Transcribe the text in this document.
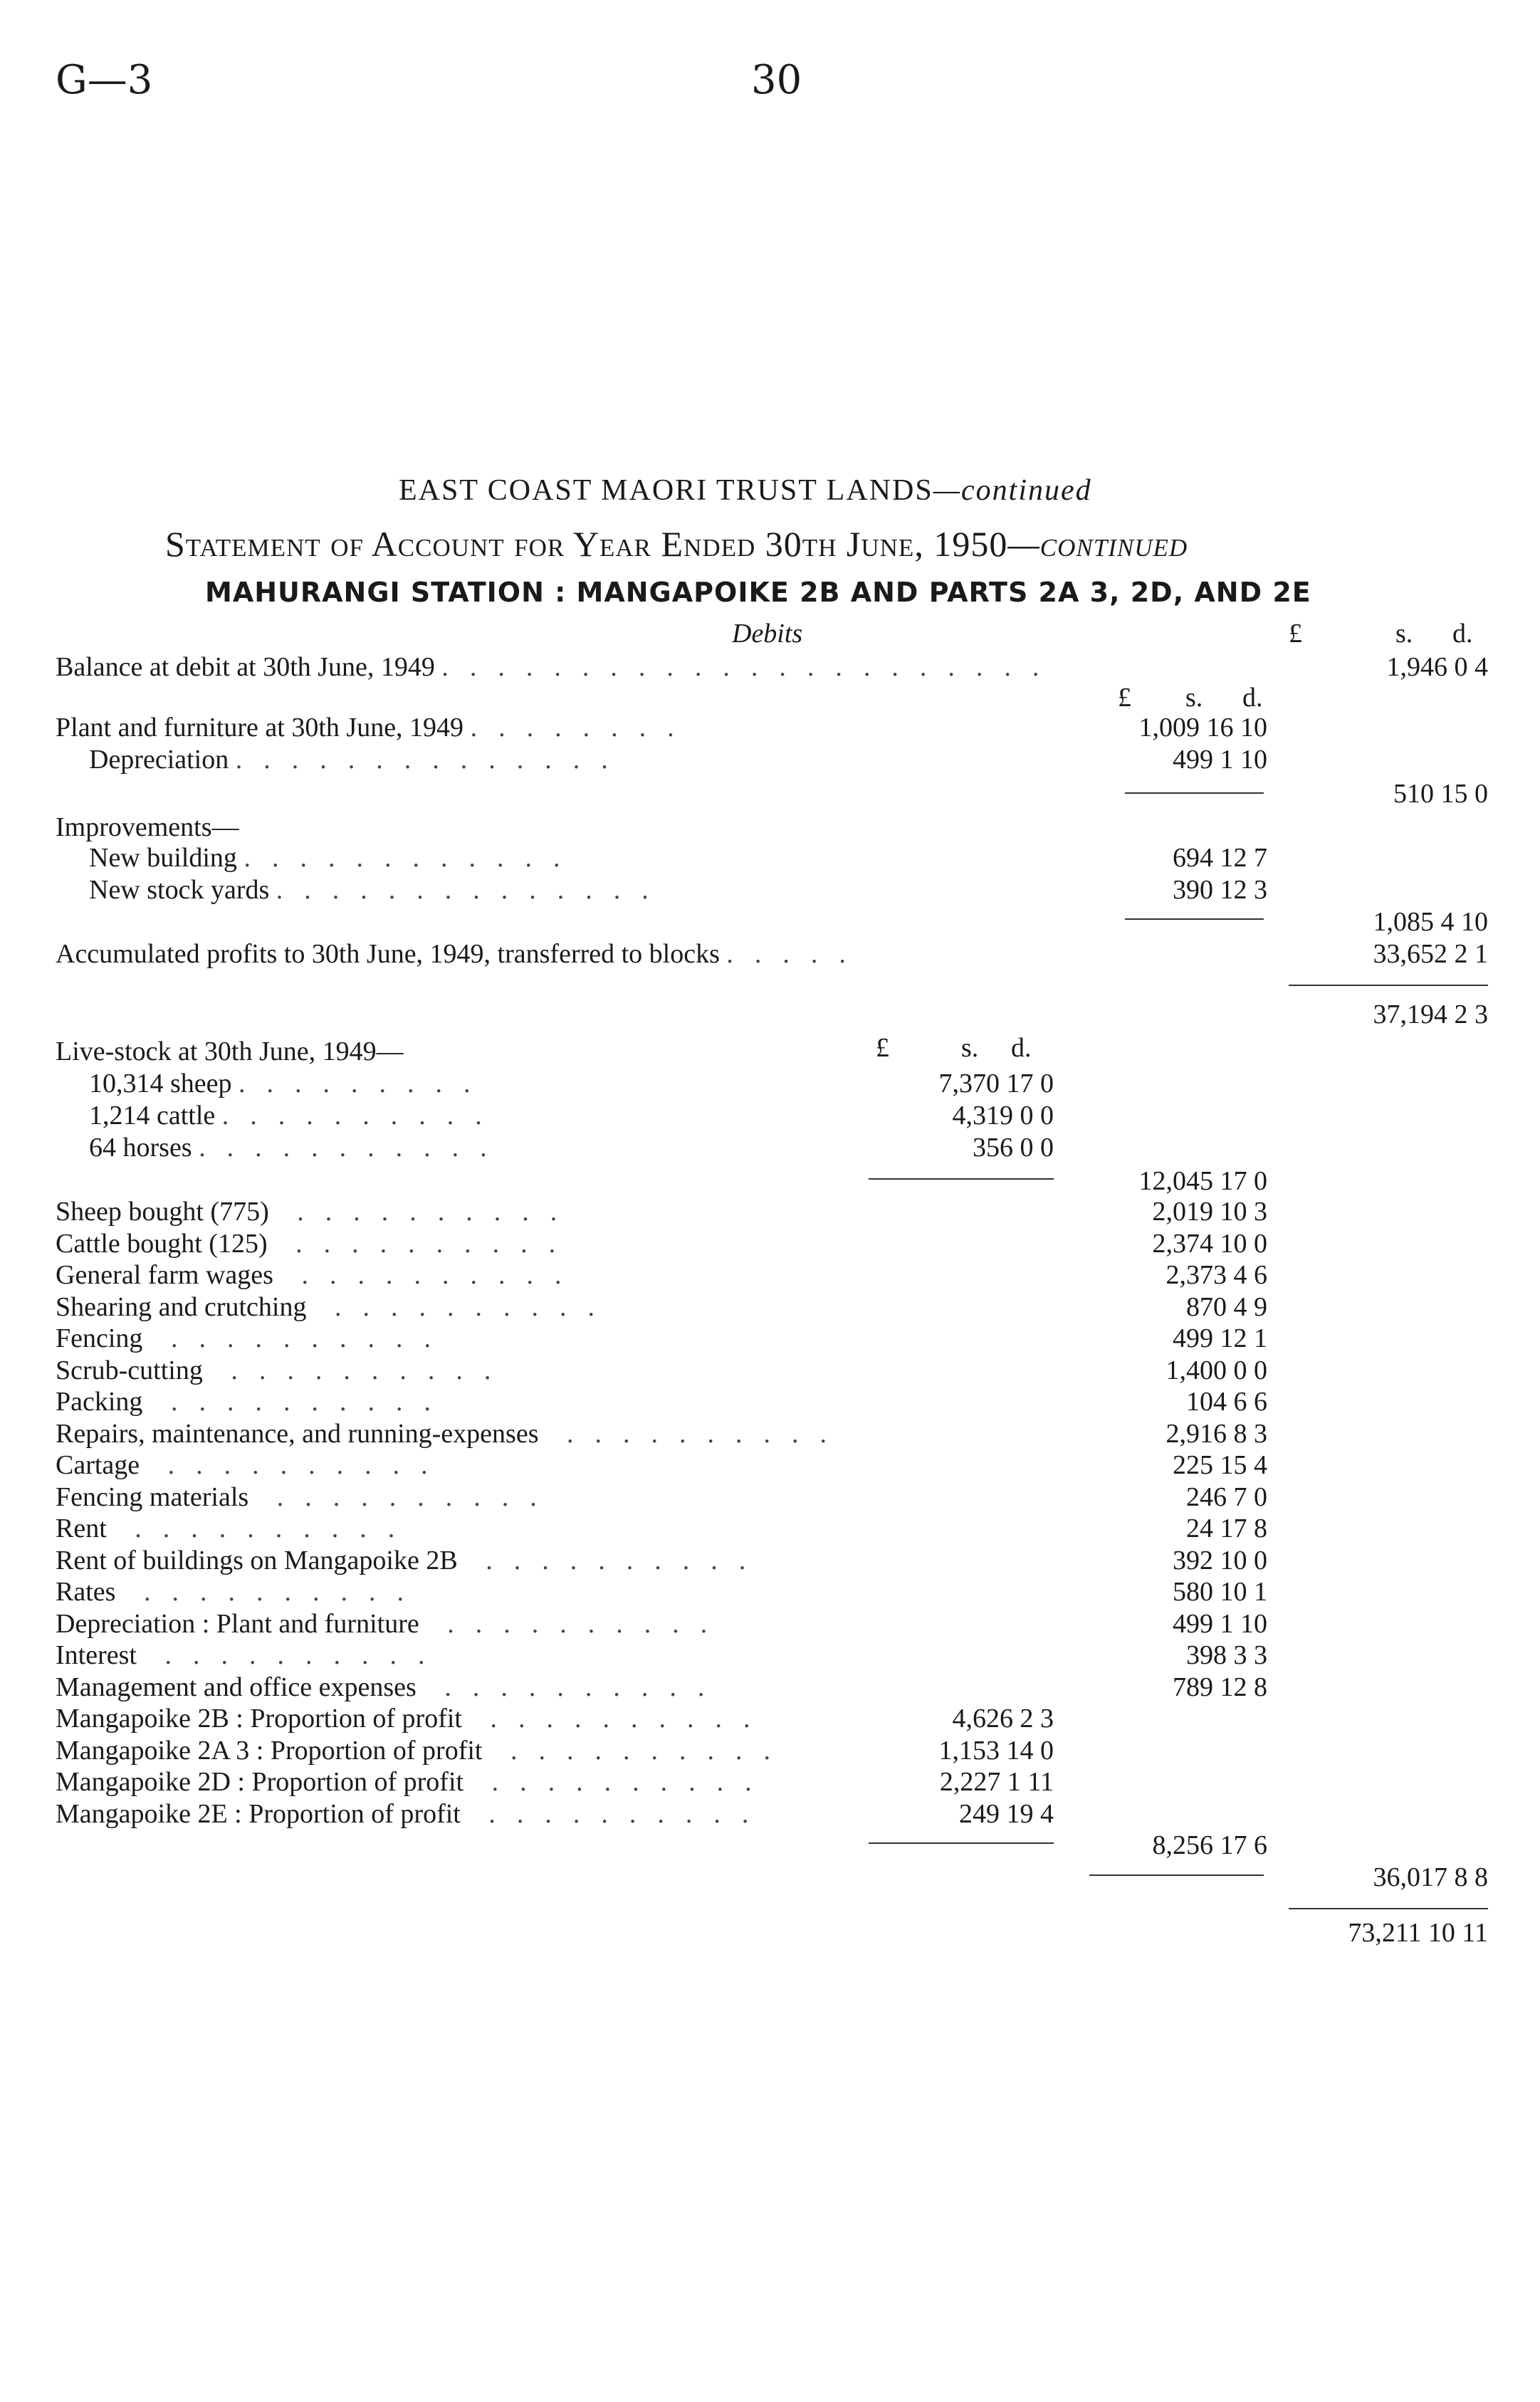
G—3	30
EAST COAST MAORI TRUST LANDS—continued
Statement of Account for Year Ended 30th June, 1950—continued
MAHURANGI STATION : MANGAPOIKE 2B AND PARTS 2A 3, 2D, AND 2E
Debits	£	s. d.
£ s. d.
£	s. d.
Balance at debit at 30th June, 1949 ......................	1,946 0 4
Plant and furniture at 30th June, 1949 ........	1,009 16 10
Depreciation ..............	499 1 10
510 15 0
Improvements—
New building ............	694 12 7
New stock yards ..............	390 12 3
1,085 4 10
Accumulated profits to 30th June, 1949, transferred to blocks .....	33,652 2 1
37,194 2 3
Live-stock at 30th June, 1949—
10,314 sheep .........	7,370 17 0
1,214 cattle ..........	4,319 0 0
64 horses ...........	356 0 0
12,045 17 0
Sheep bought (775) ..........	2,019 10 3
Cattle bought (125) ..........	2,374 10 0
General farm wages ..........	2,373 4 6
Shearing and crutching ..........	870 4 9
Fencing ..........	499 12 1
Scrub-cutting ..........	1,400 0 0
Packing ..........	104 6 6
Repairs, maintenance, and running-expenses ..........	2,916 8 3
Cartage ..........	225 15 4
Fencing materials ..........	246 7 0
Rent ..........	24 17 8
Rent of buildings on Mangapoike 2B ..........	392 10 0
Rates ..........	580 10 1
Depreciation : Plant and furniture ..........	499 1 10
Interest ..........	398 3 3
Management and office expenses ..........	789 12 8
Mangapoike 2B : Proportion of profit ..........	4,626 2 3
Mangapoike 2A 3 : Proportion of profit ..........	1,153 14 0
Mangapoike 2D : Proportion of profit ..........	2,227 1 11
Mangapoike 2E : Proportion of profit ..........	249 19 4
8,256 17 6
36,017 8 8
73,211 10 11
